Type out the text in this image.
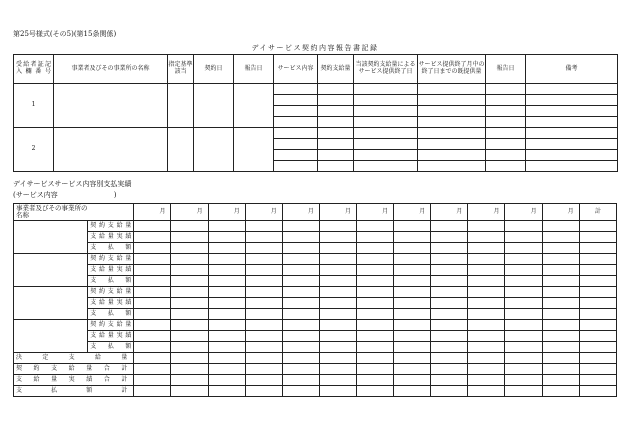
第25号様式(その5)(第15条関係)
デイサービス契約内容報告書記録
受給者証記入欄番号	事業者及びその事業所の名称	指定基準該当	契約日	報告日	サービス内容	契約支給量	当該契約支給量によるサービス提供終了日	サービス提供終了月中の終了日までの既提供量	報告日	備考
1										

2										

デイサービスサービス内容別支払実績
(サービス内容　　　　　　　　)
事業者及びその事業所の名称		月	月	月	月	月	月	月	月	月	月	月	月	計
	契約支給量													
	支給量実績													
	支払額													
	契約支給量													
	支給量実績													
	支払額													
	契約支給量													
	支給量実績													
	支払額													
	契約支給量													
	支給量実績													
	支払額													
決定支給量														
契約支給量合計														
支給量実績合計														
支払額計														
